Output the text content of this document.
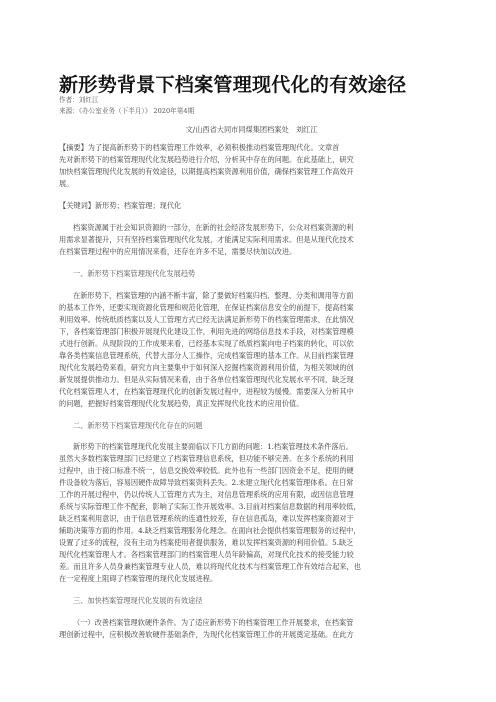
新形势背景下档案管理现代化的有效途径
作者：刘红江
来源：《办公室业务（下半月）》 2020年第4期
文/山西省大同市同煤集团档案处　刘红江
【摘要】为了提高新形势下的档案管理工作效率，必须积极推动档案管理现代化。文章首
先对新形势下的档案管理现代化发展趋势进行介绍，分析其中存在的问题。在此基础上，研究
加快档案管理现代化发展的有效途径，以期提高档案资源利用价值，确保档案管理工作高效开
展。
【关键词】新形势；档案管理；现代化
档案资源属于社会知识资源的一部分，在新的社会经济发展形势下，公众对档案资源的利
用需求显著提升，只有坚持档案管理现代化发展，才能满足实际利用需求。但是从现代化技术
在档案管理过程中的应用情况来看，还存在许多不足，需要尽快加以改进。
一、新形势下档案管理现代化发展趋势
在新形势下，档案管理的内涵不断丰富，除了要做好档案归档、整理、分类和调用等方面
的基本工作外，还要实现资源化管理和规范化管理，在保证档案信息安全的前提下，提高档案
利用效率。传统纸质档案以及人工管理方式已经无法满足新形势下的档案管理需求，在此情况
下，各档案管理部门积极开展现代化建设工作，利用先进的网络信息技术手段，对档案管理模
式进行创新。从现阶段的工作成果来看，已经基本实现了纸质档案向电子档案的转化，可以依
靠各类档案信息管理系统，代替大部分人工操作，完成档案管理的基本工作。从目前档案管理
现代化发展趋势来看，研究方向主要集中于如何深入挖掘档案资源利用价值，为相关领域的创
新发展提供推动力。但是从实际情况来看，由于各单位档案管理现代化发展水平不同，缺乏现
代化档案管理人才，在档案管理现代化的创新发展过程中，进程较为缓慢。需要深入分析其中
的问题，把握好档案管理现代化发展趋势，真正发挥现代化技术的应用价值。
二、新形势下档案管理现代化存在的问题
新形势下的档案管理现代化发展主要面临以下几方面的问题：1.档案管理技术条件落后。
虽然大多数档案管理部门已经建立了档案管理信息系统，但功能不够完善。在多个系统的利用
过程中，由于接口标准不统一，信息交换效率较低。此外也有一些部门因资金不足，使用的硬
件设备较为落后，容易因硬件故障导致档案资料丢失。2.未建立现代化档案管理体系。在日常
工作的开展过程中，仍以传统人工管理方式为主，对信息管理系统的应用有限，或因信息管理
系统与实际管理工作不配套，影响了实际工作开展效率。3.目前对档案信息数据的利用率较低，
缺乏档案利用意识，由于信息管理系统的连通性较差，存在信息孤岛，难以发挥档案资源对于
辅助决策等方面的作用。4.缺乏档案管理服务化理念。在面向社会提供档案管理服务的过程中，
设置了过多的流程，没有主动为档案使用者提供服务，难以发挥档案资源的利用价值。5.缺乏
现代化档案管理人才。各档案管理部门的档案管理人员年龄偏高，对现代化技术的接受能力较
差。而且许多人员身兼档案管理专业人员，难以将现代化技术与档案管理工作有效结合起来，也
在一定程度上阻碍了档案管理的现代化发展进程。
三、加快档案管理现代化发展的有效途径
（一）改善档案管理软硬件条件。为了适应新形势下的档案管理工作开展要求，在档案管
理创新过程中，应积极改善软硬件基础条件，为现代化档案管理工作的开展奠定基础。在此方
